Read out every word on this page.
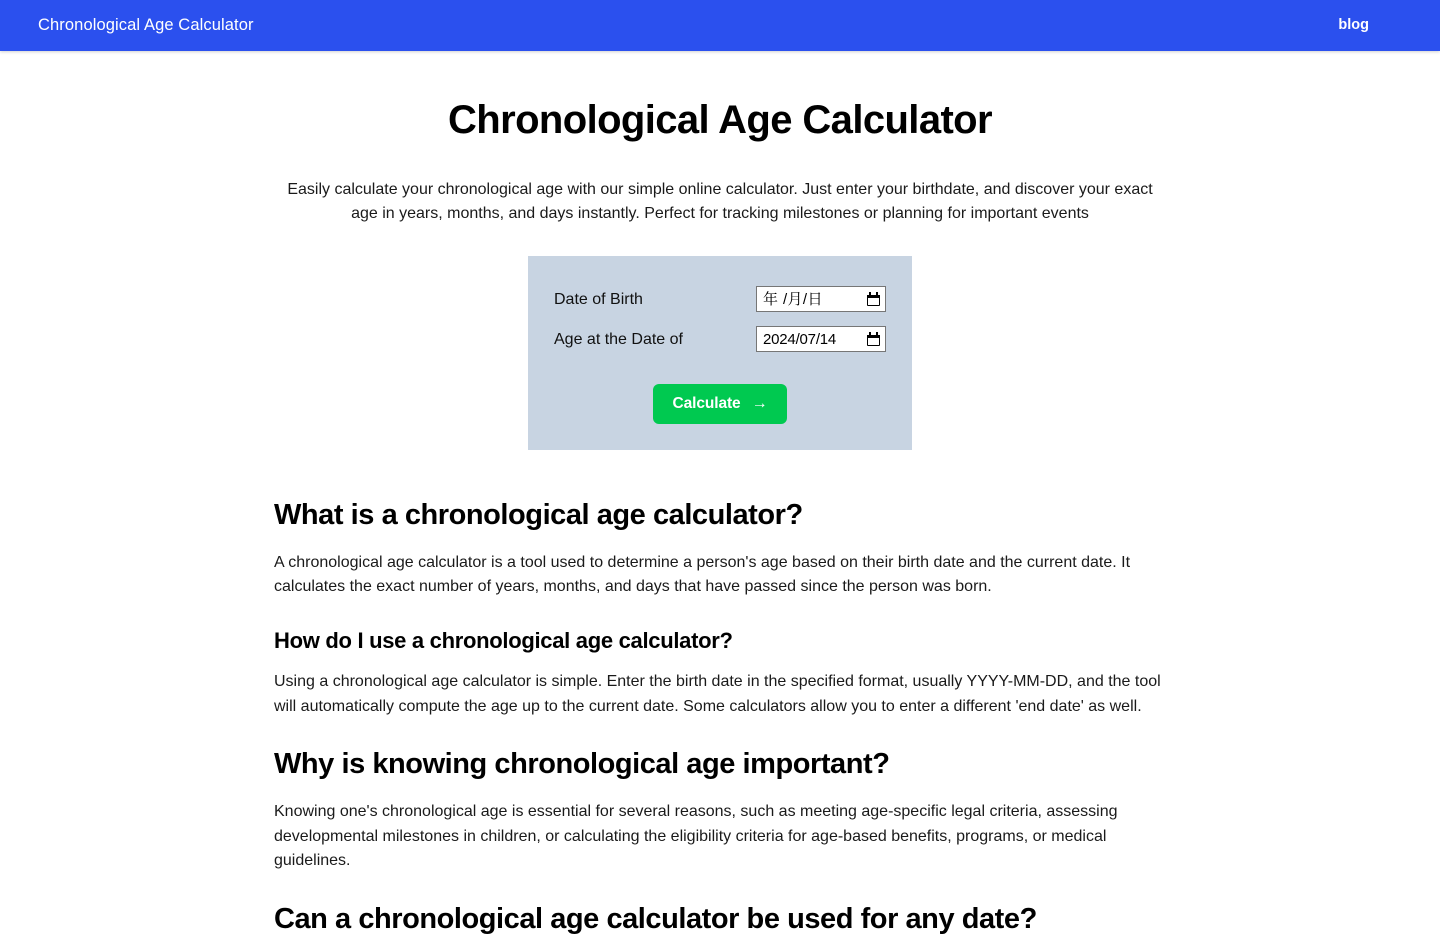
Chronological Age Calculator	blog
Chronological Age Calculator

Easily calculate your chronological age with our simple online calculator. Just enter your birthdate, and discover your exact age in years, months, and days instantly. Perfect for tracking milestones or planning for important events

Date of Birth	年 /月/日
Age at the Date of	2024/07/14
Calculate →
What is a chronological age calculator?

A chronological age calculator is a tool used to determine a person's age based on their birth date and the current date. It calculates the exact number of years, months, and days that have passed since the person was born.

How do I use a chronological age calculator?

Using a chronological age calculator is simple. Enter the birth date in the specified format, usually YYYY-MM-DD, and the tool will automatically compute the age up to the current date. Some calculators allow you to enter a different 'end date' as well.

Why is knowing chronological age important?

Knowing one's chronological age is essential for several reasons, such as meeting age-specific legal criteria, assessing developmental milestones in children, or calculating the eligibility criteria for age-based benefits, programs, or medical guidelines.

Can a chronological age calculator be used for any date?
